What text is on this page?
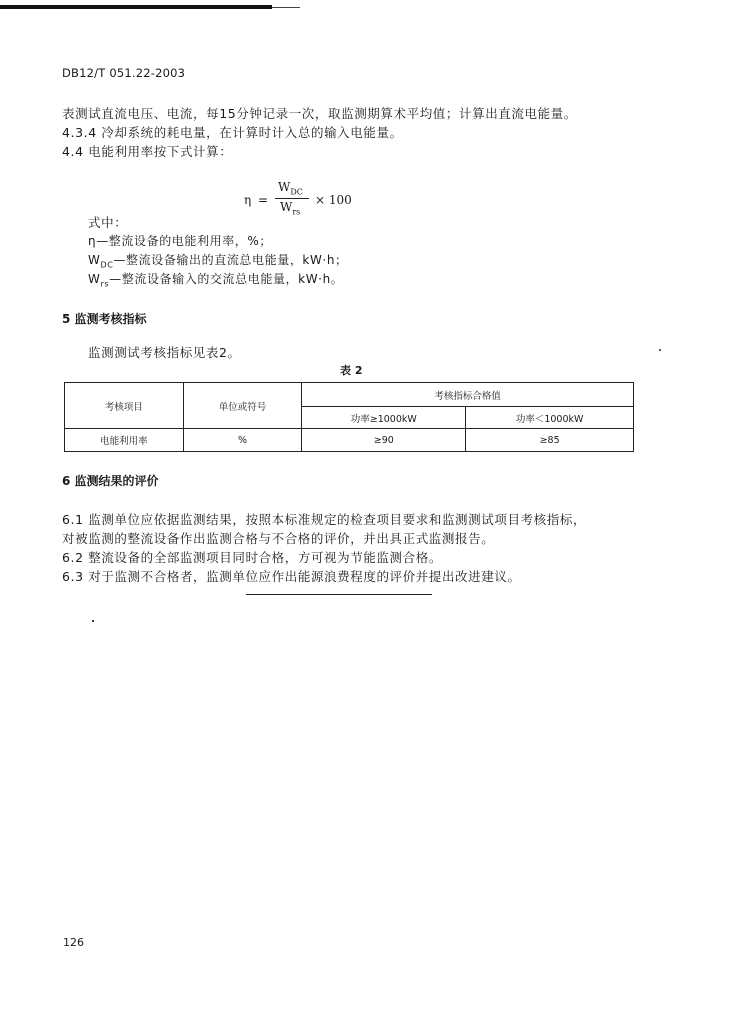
DB12/T 051.22-2003
表测试直流电压、电流，每15分钟记录一次，取监测期算术平均值；计算出直流电能量。
4.3.4 冷却系统的耗电量，在计算时计入总的输入电能量。
4.4 电能利用率按下式计算：
η =
$W_{DC}$
$W_{rs}$
× 100
式中：
η—整流设备的电能利用率，%；
$W_{DC}—$整流设备输出的直流总电能量，kW·h；
$W_{rs}—$整流设备输入的交流总电能量，kW·h。
5 监测考核指标
监测测试考核指标见表2。
表 2
考核项目	单位或符号	考核指标合格值	
		功率≥1000kW	功率＜1000kW
电能利用率	%	≥90	≥85
6 监测结果的评价
6.1 监测单位应依据监测结果，按照本标准规定的检查项目要求和监测测试项目考核指标，
对被监测的整流设备作出监测合格与不合格的评价，并出具正式监测报告。
6.2 整流设备的全部监测项目同时合格，方可视为节能监测合格。
6.3 对于监测不合格者，监测单位应作出能源浪费程度的评价并提出改进建议。
126
